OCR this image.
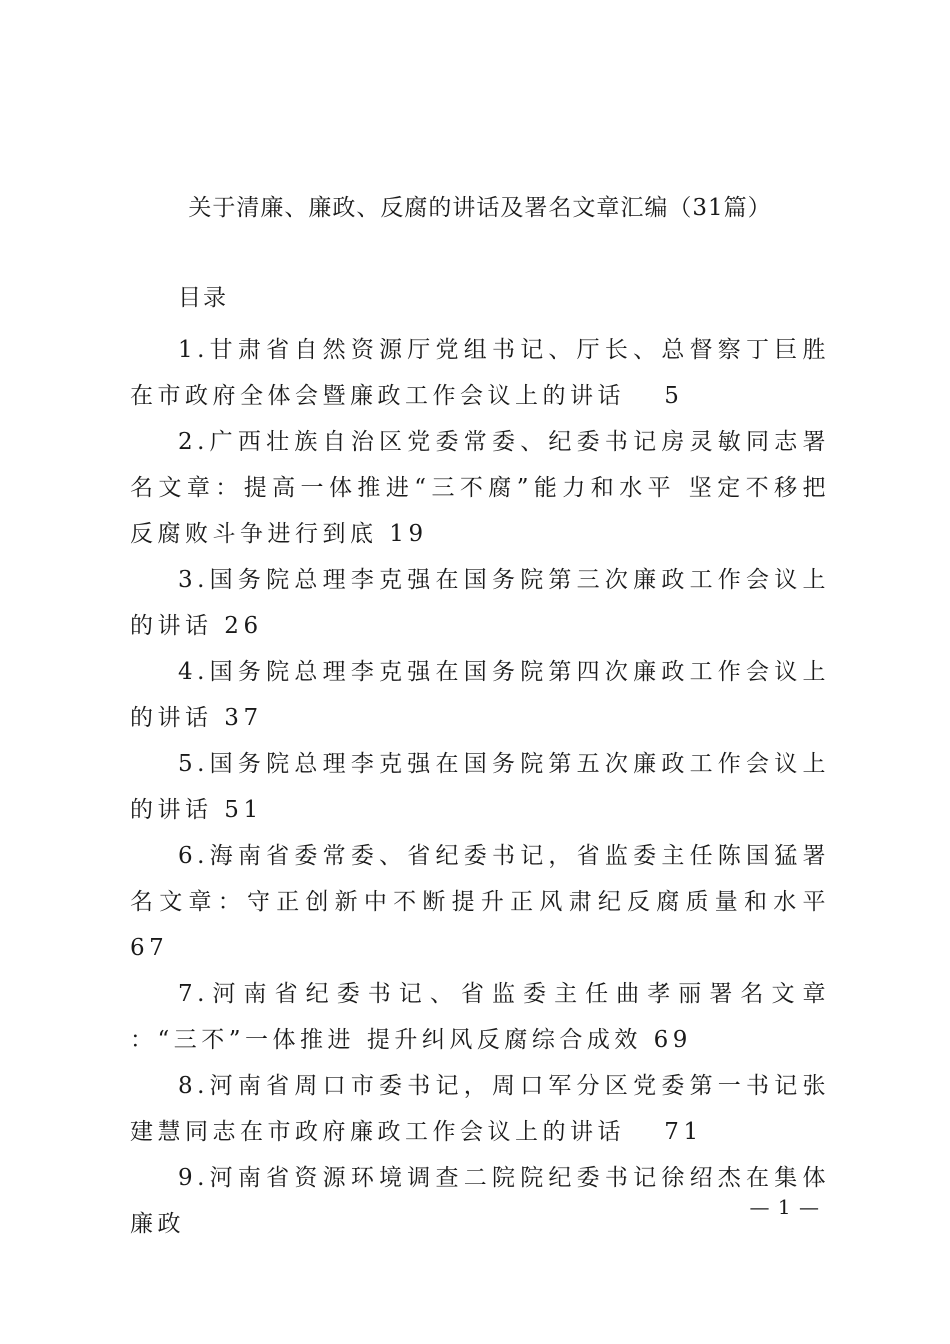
关于清廉、廉政、反腐的讲话及署名文章汇编（31篇）
目录
1.甘肃省自然资源厅党组书记、厅长、总督察丁巨胜在市政府全体会暨廉政工作会议上的讲话　 5
2.广西壮族自治区党委常委、纪委书记房灵敏同志署名文章：提高一体推进“三不腐”能力和水平 坚定不移把反腐败斗争进行到底 19
3.国务院总理李克强在国务院第三次廉政工作会议上的讲话 26
4.国务院总理李克强在国务院第四次廉政工作会议上的讲话 37
5.国务院总理李克强在国务院第五次廉政工作会议上的讲话 51
6.海南省委常委、省纪委书记，省监委主任陈国猛署名文章：守正创新中不断提升正风肃纪反腐质量和水平 67
7.河南省纪委书记、省监委主任曲孝丽署名文章 ：“三不”一体推进 提升纠风反腐综合成效 69
8.河南省周口市委书记，周口军分区党委第一书记张建慧同志在市政府廉政工作会议上的讲话　 71
9.河南省资源环境调查二院院纪委书记徐绍杰在集体廉政
— 1 —
